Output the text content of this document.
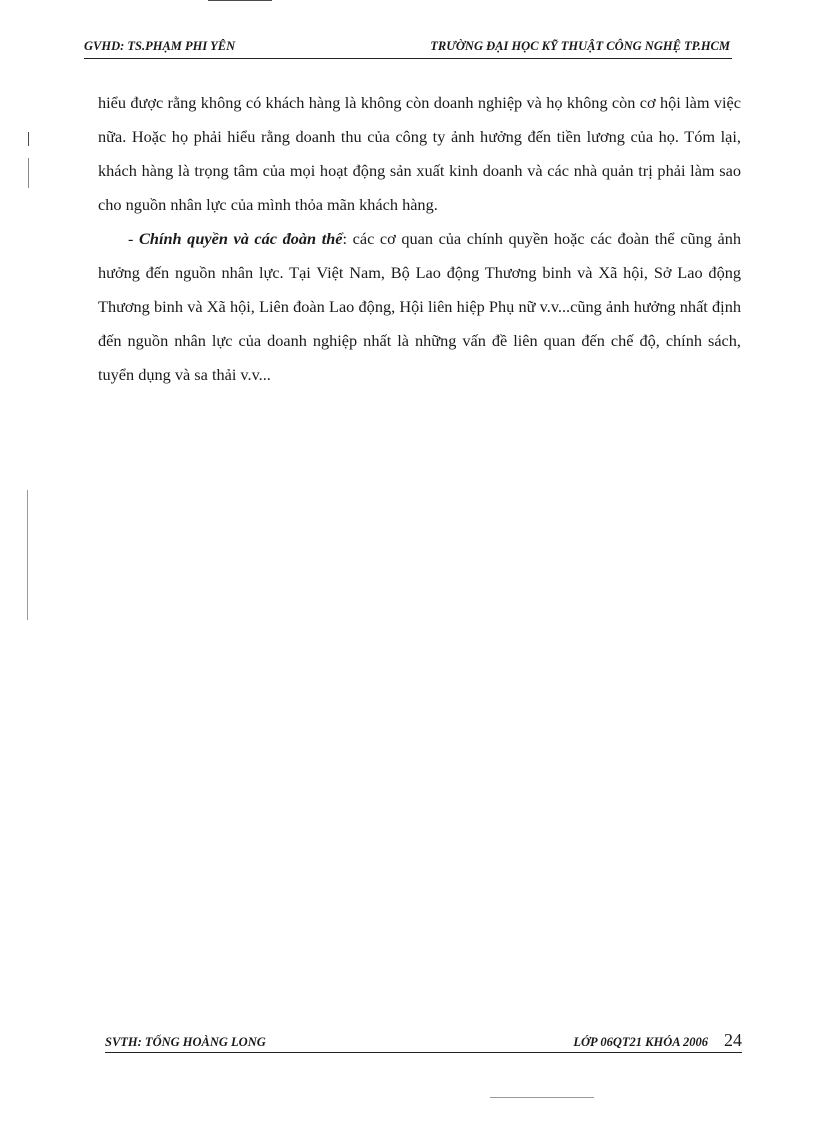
GVHD: TS.PHẠM PHI YÊN	TRƯỜNG ĐẠI HỌC KỸ THUẬT CÔNG NGHỆ TP.HCM

hiểu được rằng không có khách hàng là không còn doanh nghiệp và họ không còn cơ hội làm việc nữa. Hoặc họ phải hiểu rằng doanh thu của công ty ảnh hưởng đến tiền lương của họ. Tóm lại, khách hàng là trọng tâm của mọi hoạt động sản xuất kinh doanh và các nhà quản trị phải làm sao cho nguồn nhân lực của mình thỏa mãn khách hàng.

- Chính quyền và các đoàn thể: các cơ quan của chính quyền hoặc các đoàn thể cũng ảnh hưởng đến nguồn nhân lực. Tại Việt Nam, Bộ Lao động Thương binh và Xã hội, Sở Lao động Thương binh và Xã hội, Liên đoàn Lao động, Hội liên hiệp Phụ nữ v.v...cũng ảnh hưởng nhất định đến nguồn nhân lực của doanh nghiệp nhất là những vấn đề liên quan đến chế độ, chính sách, tuyển dụng và sa thải v.v...

SVTH: TỐNG HOÀNG LONG	LỚP 06QT21 KHÓA 2006 24
